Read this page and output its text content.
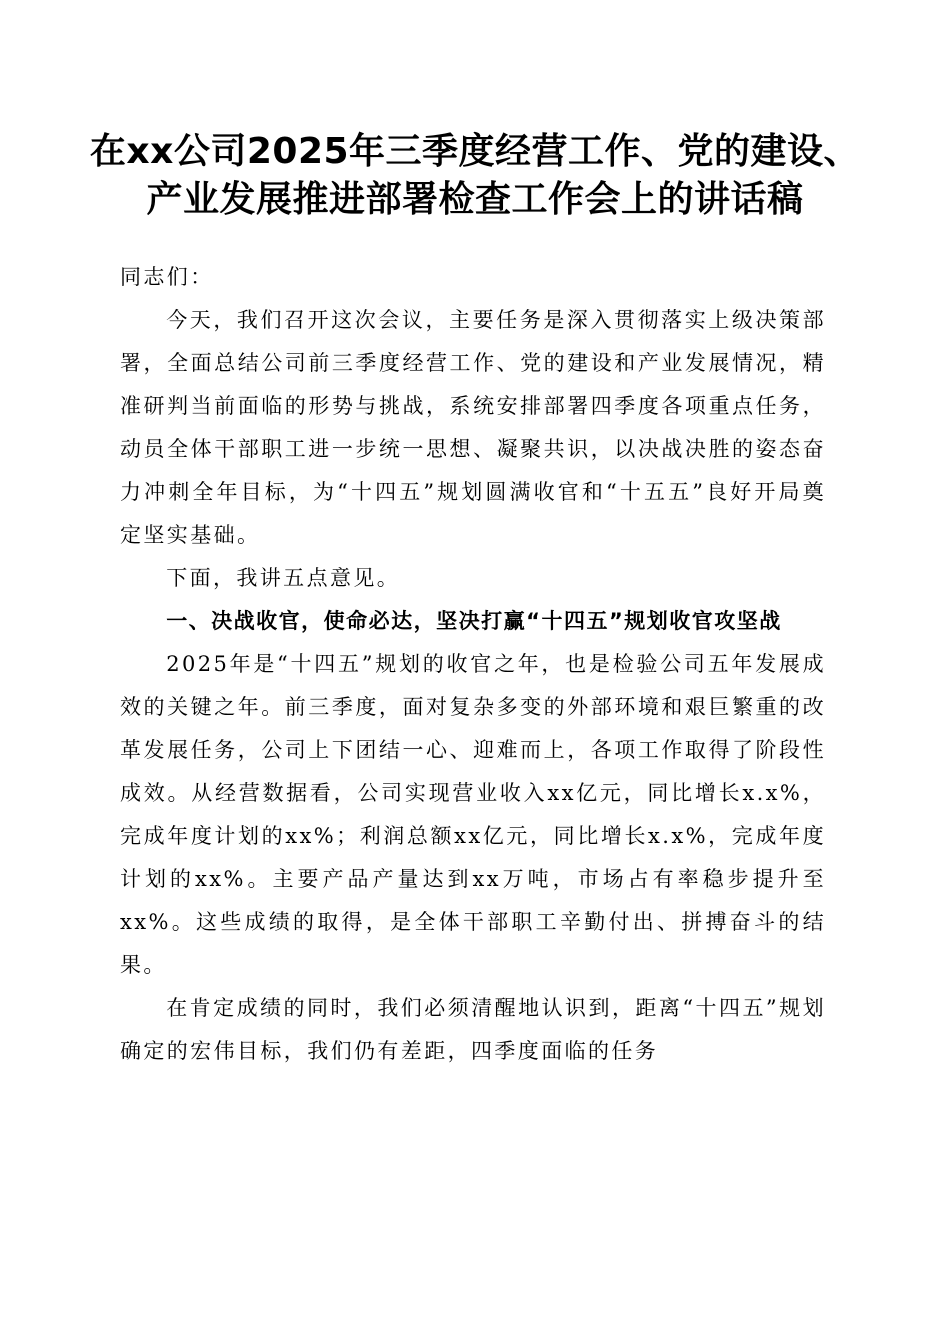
在xx公司2025年三季度经营工作、党的建设、
产业发展推进部署检查工作会上的讲话稿

同志们：

今天，我们召开这次会议，主要任务是深入贯彻落实上级决策部署，全面总结公司前三季度经营工作、党的建设和产业发展情况，精准研判当前面临的形势与挑战，系统安排部署四季度各项重点任务，动员全体干部职工进一步统一思想、凝聚共识，以决战决胜的姿态奋力冲刺全年目标，为“十四五”规划圆满收官和“十五五”良好开局奠定坚实基础。

下面，我讲五点意见。

一、决战收官，使命必达，坚决打赢“十四五”规划收官攻坚战

2025年是“十四五”规划的收官之年，也是检验公司五年发展成效的关键之年。前三季度，面对复杂多变的外部环境和艰巨繁重的改革发展任务，公司上下团结一心、迎难而上，各项工作取得了阶段性成效。从经营数据看，公司实现营业收入xx亿元，同比增长x.x%，完成年度计划的xx%；利润总额xx亿元，同比增长x.x%，完成年度计划的xx%。主要产品产量达到xx万吨，市场占有率稳步提升至xx%。这些成绩的取得，是全体干部职工辛勤付出、拼搏奋斗的结果。

在肯定成绩的同时，我们必须清醒地认识到，距离“十四五”规划确定的宏伟目标，我们仍有差距，四季度面临的任务
